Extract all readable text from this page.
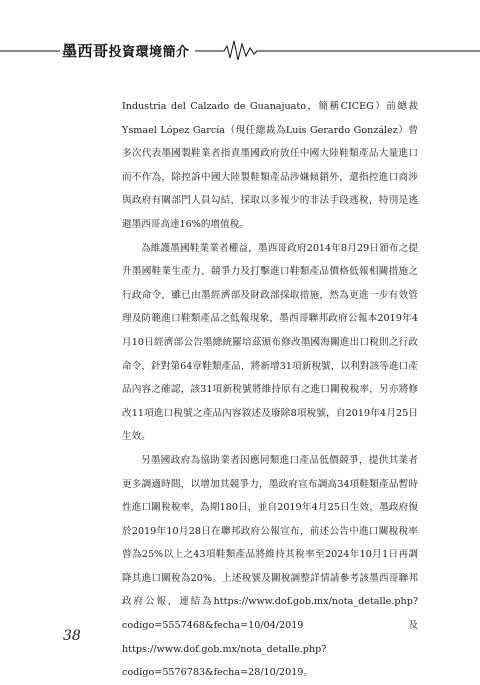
墨西哥投資環境簡介

Industria del Calzado de Guanajuato，簡稱CICEG）前總裁Ysmael López García（現任總裁為Luis Gerardo González）曾多次代表墨國製鞋業者指責墨國政府放任中國大陸鞋類產品大量進口而不作為，除控訴中國大陸製鞋類產品涉嫌傾銷外，還指控進口商涉與政府有關部門人員勾結，採取以多報少的非法手段逃稅，特別是逃避墨西哥高達16%的增值稅。

為維護墨國鞋業業者權益，墨西哥政府2014年8月29日頒布之提升墨國鞋業生產力、競爭力及打擊進口鞋類產品價格低報相關措施之行政命令，雖已由墨經濟部及財政部採取措施，然為更進一步有效管理及防範進口鞋類產品之低報現象，墨西哥聯邦政府公報本2019年4月10日經濟部公告墨總統羅培茲頒布修改墨國海關進出口稅則之行政命令，針對第64章鞋類產品，將新增31項新稅號，以利對該等進口產品內容之確認，該31項新稅號將維持原有之進口關稅稅率，另亦將修改11項進口稅號之產品內容敘述及廢除8項稅號，自2019年4月25日生效。

另墨國政府為協助業者因應同類進口產品低價競爭，提供其業者更多調適時間，以增加其競爭力，墨政府宣布調高34項鞋類產品暫時性進口關稅稅率，為期180日，並自2019年4月25日生效，墨政府復於2019年10月28日在聯邦政府公報宣布，前述公告中進口關稅稅率曾為25%以上之43項鞋類產品將維持其稅率至2024年10月1日再調降其進口關稅為20%。上述稅號及關稅調整詳情請參考該墨西哥聯邦政府公報，連結為https://www.dof.gob.mx/nota_detalle.php?codigo=5557468&fecha=10/04/2019 及 https://www.dof.gob.mx/nota_detalle.php?codigo=5576783&fecha=28/10/2019。

38
